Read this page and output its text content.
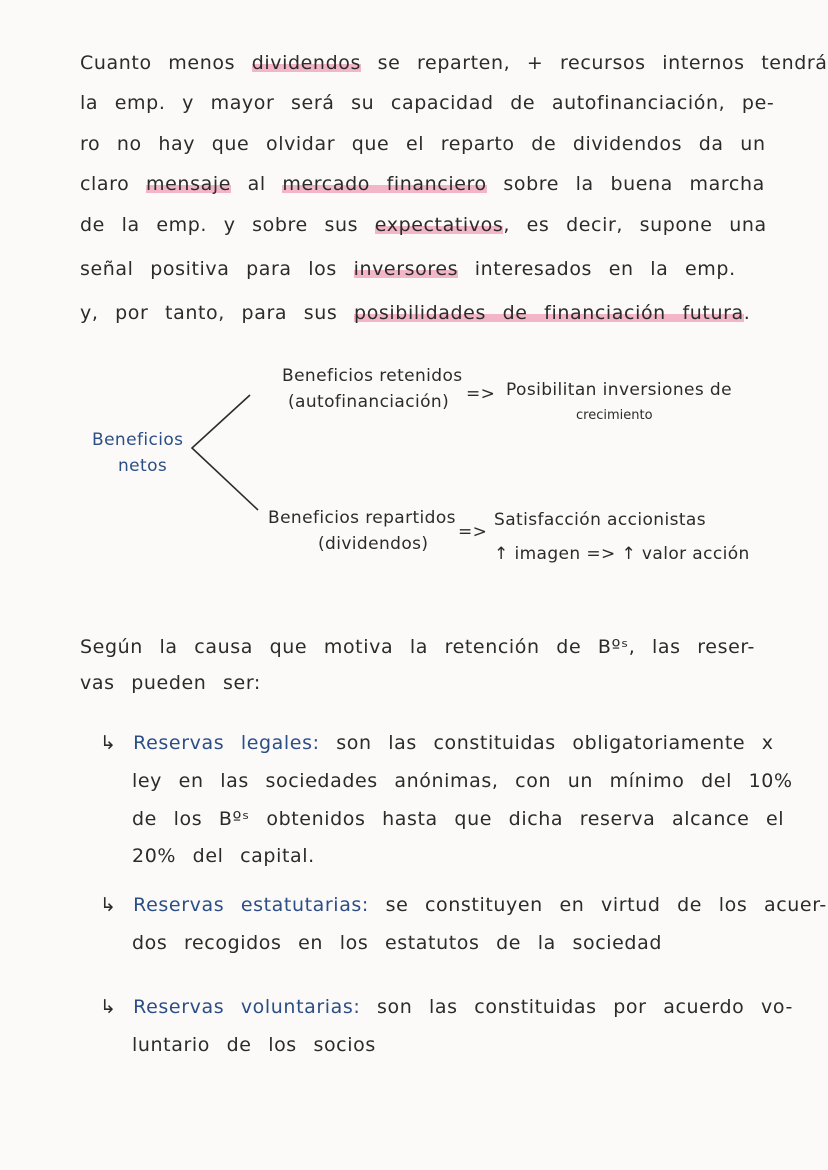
Cuanto menos dividendos se reparten, + recursos internos tendrá
la emp. y mayor será su capacidad de autofinanciación, pe-
ro no hay que olvidar que el reparto de dividendos da un
claro mensaje al mercado financiero sobre la buena marcha
de la emp. y sobre sus expectativos, es decir, supone una
señal positiva para los inversores interesados en la emp.
y, por tanto, para sus posibilidades de financiación futura.
Beneficios
netos
Beneficios retenidos
(autofinanciación) => Posibilitan inversiones de
crecimiento
Beneficios repartidos
(dividendos)
=>
Satisfacción accionistas
↑ imagen => ↑ valor acción
Según la causa que motiva la retención de Bºˢ, las reser-
vas pueden ser:
↳ Reservas legales: son las constituidas obligatoriamente x
ley en las sociedades anónimas, con un mínimo del 10%
de los Bºˢ obtenidos hasta que dicha reserva alcance el
20% del capital.
↳ Reservas estatutarias: se constituyen en virtud de los acuer-
dos recogidos en los estatutos de la sociedad
↳ Reservas voluntarias: son las constituidas por acuerdo vo-
luntario de los socios
